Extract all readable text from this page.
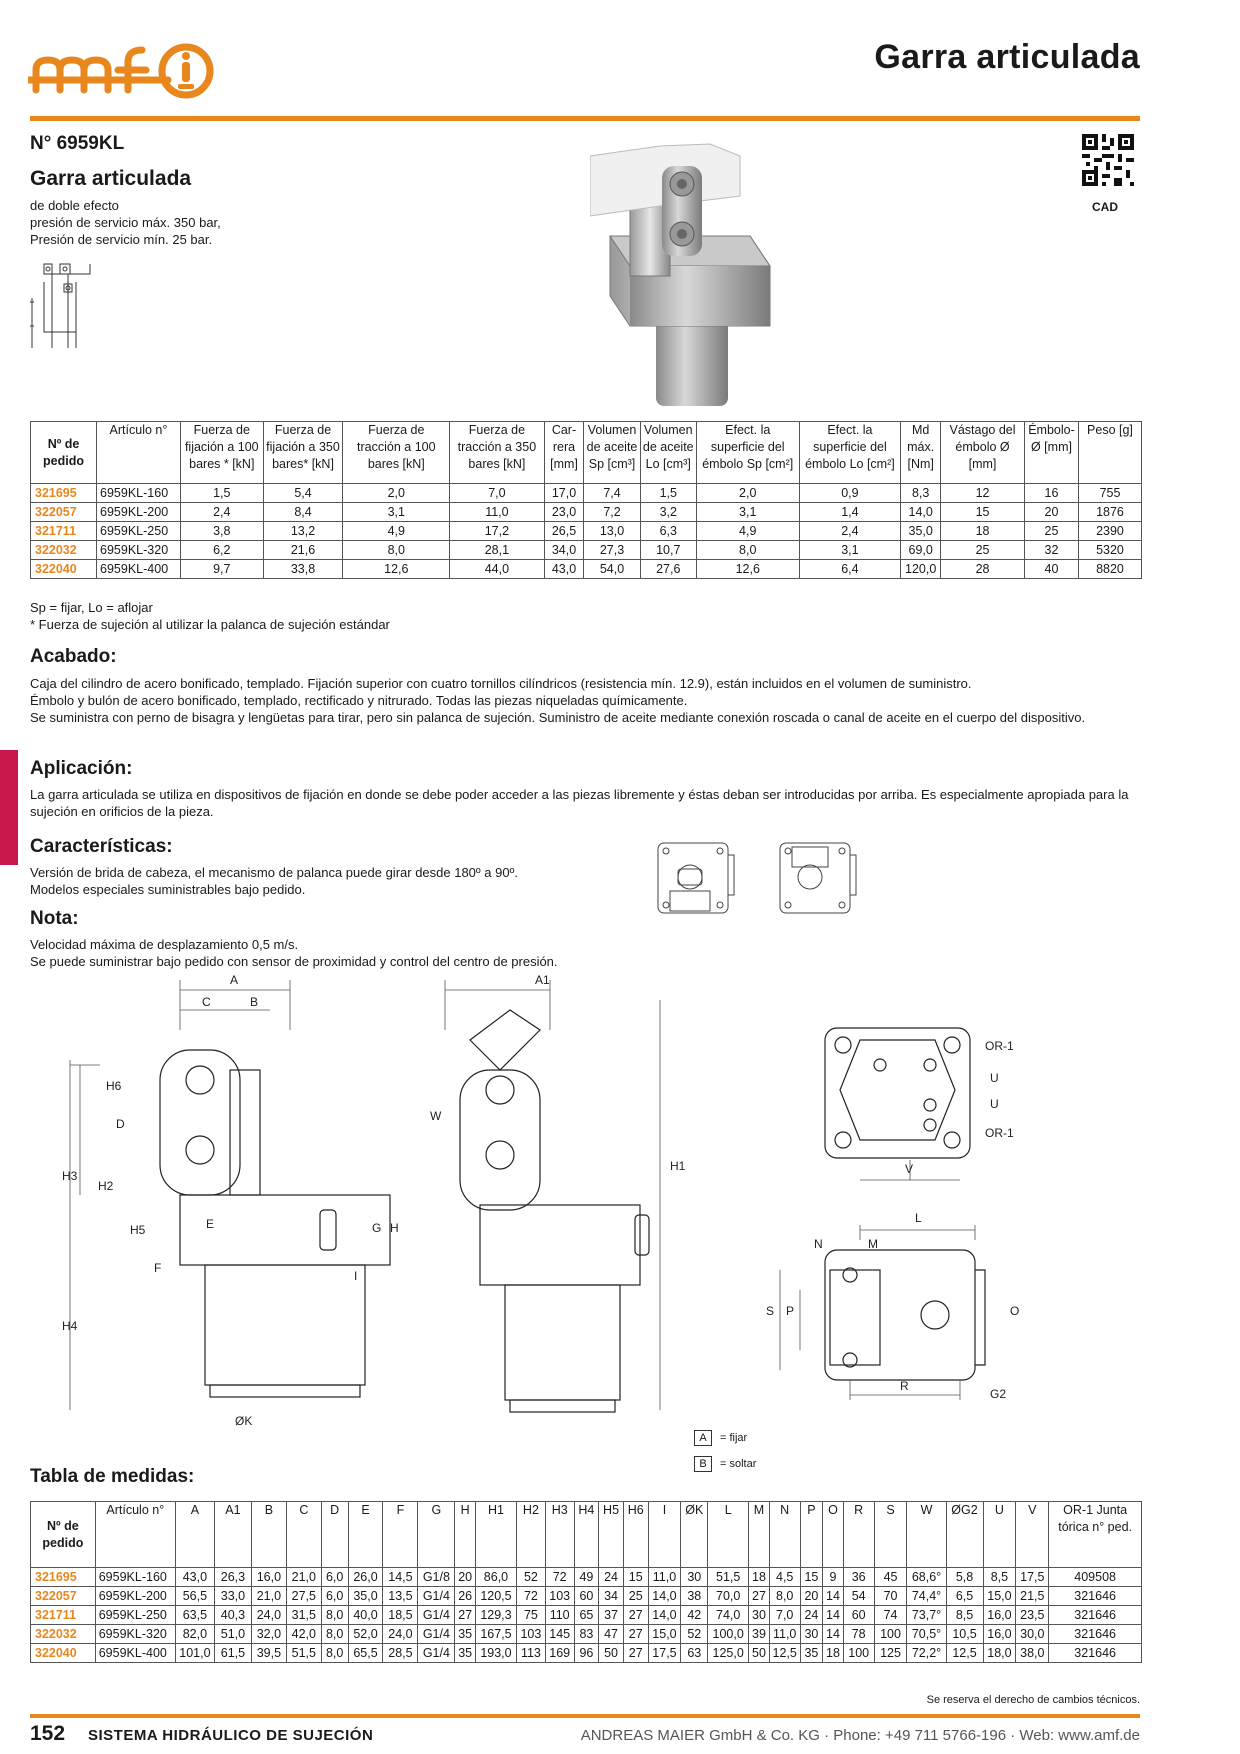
Garra articulada
N° 6959KL
Garra articulada
de doble efecto
presión de servicio máx. 350 bar,
Presión de servicio mín. 25 bar.
CAD
Nº de pedido	Artículo n°	Fuerza de fijación a 100 bares * [kN]	Fuerza de fijación a 350 bares* [kN]	Fuerza de tracción a 100 bares [kN]	Fuerza de tracción a 350 bares [kN]	Car-rera [mm]	Volumen de aceite Sp [cm³]	Volumen de aceite Lo [cm³]	Efect. la superficie del émbolo Sp [cm²]	Efect. la superficie del émbolo Lo [cm²]	Md máx. [Nm]	Vástago del émbolo Ø [mm]	Émbolo-Ø [mm]	Peso [g]
321695	6959KL-160	1,5	5,4	2,0	7,0	17,0	7,4	1,5	2,0	0,9	8,3	12	16	755
322057	6959KL-200	2,4	8,4	3,1	11,0	23,0	7,2	3,2	3,1	1,4	14,0	15	20	1876
321711	6959KL-250	3,8	13,2	4,9	17,2	26,5	13,0	6,3	4,9	2,4	35,0	18	25	2390
322032	6959KL-320	6,2	21,6	8,0	28,1	34,0	27,3	10,7	8,0	3,1	69,0	25	32	5320
322040	6959KL-400	9,7	33,8	12,6	44,0	43,0	54,0	27,6	12,6	6,4	120,0	28	40	8820
Sp = fijar, Lo = aflojar
* Fuerza de sujeción al utilizar la palanca de sujeción estándar
Acabado:
Caja del cilindro de acero bonificado, templado. Fijación superior con cuatro tornillos cilíndricos (resistencia mín. 12.9), están incluidos en el volumen de suministro.
Émbolo y bulón de acero bonificado, templado, rectificado y nitrurado. Todas las piezas niqueladas químicamente.
Se suministra con perno de bisagra y lengüetas para tirar, pero sin palanca de sujeción. Suministro de aceite mediante conexión roscada o canal de aceite en el cuerpo del dispositivo.
Aplicación:
La garra articulada se utiliza en dispositivos de fijación en donde se debe poder acceder a las piezas libremente y éstas deban ser introducidas por arriba. Es especialmente apropiada para la sujeción en orificios de la pieza.
Características:
Versión de brida de cabeza, el mecanismo de palanca puede girar desde 180º a 90º.
Modelos especiales suministrables bajo pedido.
Nota:
Velocidad máxima de desplazamiento 0,5 m/s.
Se puede suministrar bajo pedido con sensor de proximidad y control del centro de presión.
A
C	B
A1
H6
D
H3
H2
H5
H4
E
F
G H
I
ØK
W
H1
OR-1
OR-1
U
U
V
L
N	M
S P	O
R
G2
A = fijar
B = soltar
Tabla de medidas:
Nº de pedido	Artículo n°	A	A1	B	C	D	E	F	G	H	H1	H2	H3	H4	H5	H6	I	ØK	L	M	N	P	O	R	S	W	ØG2	U	V	OR-1 Junta tórica n° ped.
321695	6959KL-160	43,0	26,3	16,0	21,0	6,0	26,0	14,5	G1/8	20	86,0	52	72	49	24	15	11,0	30	51,5	18	4,5	15	9	36	45	68,6°	5,8	8,5	17,5	409508
322057	6959KL-200	56,5	33,0	21,0	27,5	6,0	35,0	13,5	G1/4	26	120,5	72	103	60	34	25	14,0	38	70,0	27	8,0	20	14	54	70	74,4°	6,5	15,0	21,5	321646
321711	6959KL-250	63,5	40,3	24,0	31,5	8,0	40,0	18,5	G1/4	27	129,3	75	110	65	37	27	14,0	42	74,0	30	7,0	24	14	60	74	73,7°	8,5	16,0	23,5	321646
322032	6959KL-320	82,0	51,0	32,0	42,0	8,0	52,0	24,0	G1/4	35	167,5	103	145	83	47	27	15,0	52	100,0	39	11,0	30	14	78	100	70,5°	10,5	16,0	30,0	321646
322040	6959KL-400	101,0	61,5	39,5	51,5	8,0	65,5	28,5	G1/4	35	193,0	113	169	96	50	27	17,5	63	125,0	50	12,5	35	18	100	125	72,2°	12,5	18,0	38,0	321646
Se reserva el derecho de cambios técnicos.
152 SISTEMA HIDRÁULICO DE SUJECIÓN	ANDREAS MAIER GmbH & Co. KG · Phone: +49 711 5766-196 · Web: www.amf.de
